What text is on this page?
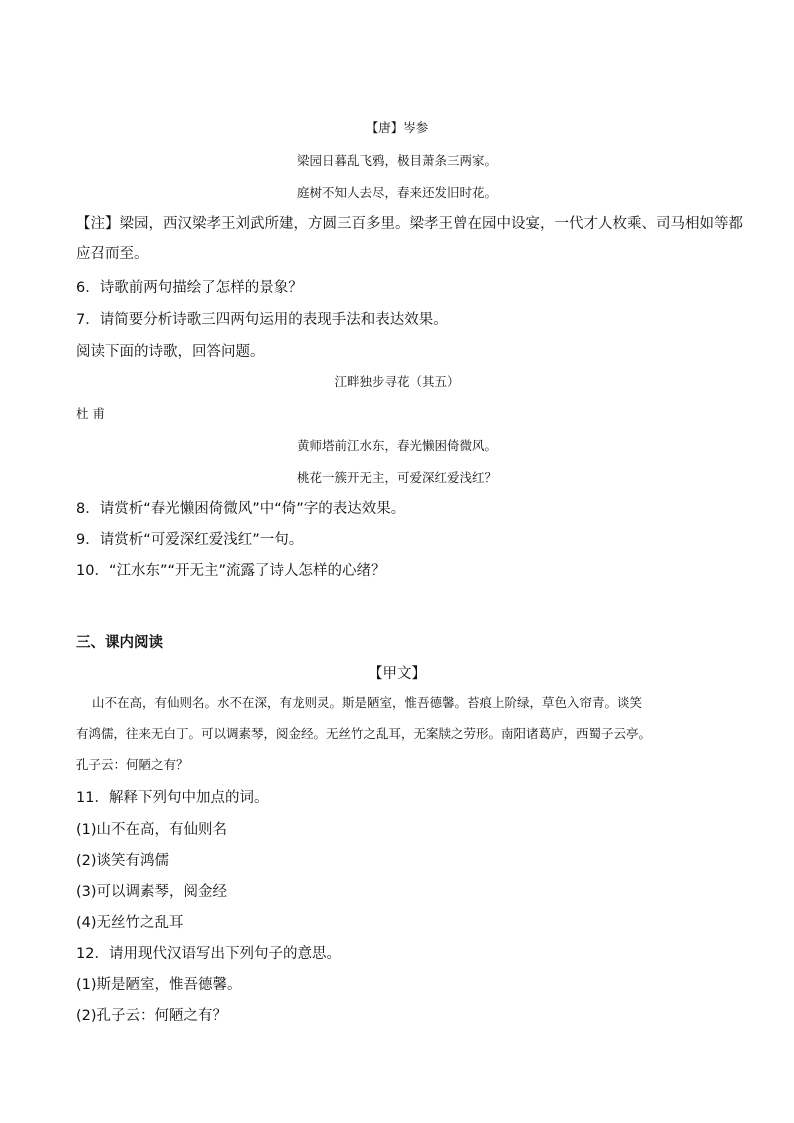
【唐】岑参
梁园日暮乱飞鸦，极目萧条三两家。
庭树不知人去尽，春来还发旧时花。
【注】梁园，西汉梁孝王刘武所建，方圆三百多里。梁孝王曾在园中设宴，一代才人枚乘、司马相如等都
应召而至。
6．诗歌前两句描绘了怎样的景象？
7．请简要分析诗歌三四两句运用的表现手法和表达效果。
阅读下面的诗歌，回答问题。
江畔独步寻花（其五）
杜 甫
黄师塔前江水东，春光懒困倚微风。
桃花一簇开无主，可爱深红爱浅红？
8．请赏析“春光懒困倚微风”中“倚”字的表达效果。
9．请赏析“可爱深红爱浅红”一句。
10．“江水东”“开无主”流露了诗人怎样的心绪？
三、课内阅读
【甲文】
山不在高，有仙则名。水不在深，有龙则灵。斯是陋室，惟吾德馨。苔痕上阶绿，草色入帘青。谈笑
有鸿儒，往来无白丁。可以调素琴，阅金经。无丝竹之乱耳，无案牍之劳形。南阳诸葛庐，西蜀子云亭。
孔子云：何陋之有？
11．解释下列句中加点的词。
(1)山不在高，有仙则名
(2)谈笑有鸿儒
(3)可以调素琴，阅金经
(4)无丝竹之乱耳
12．请用现代汉语写出下列句子的意思。
(1)斯是陋室，惟吾德馨。
(2)孔子云：何陋之有？
